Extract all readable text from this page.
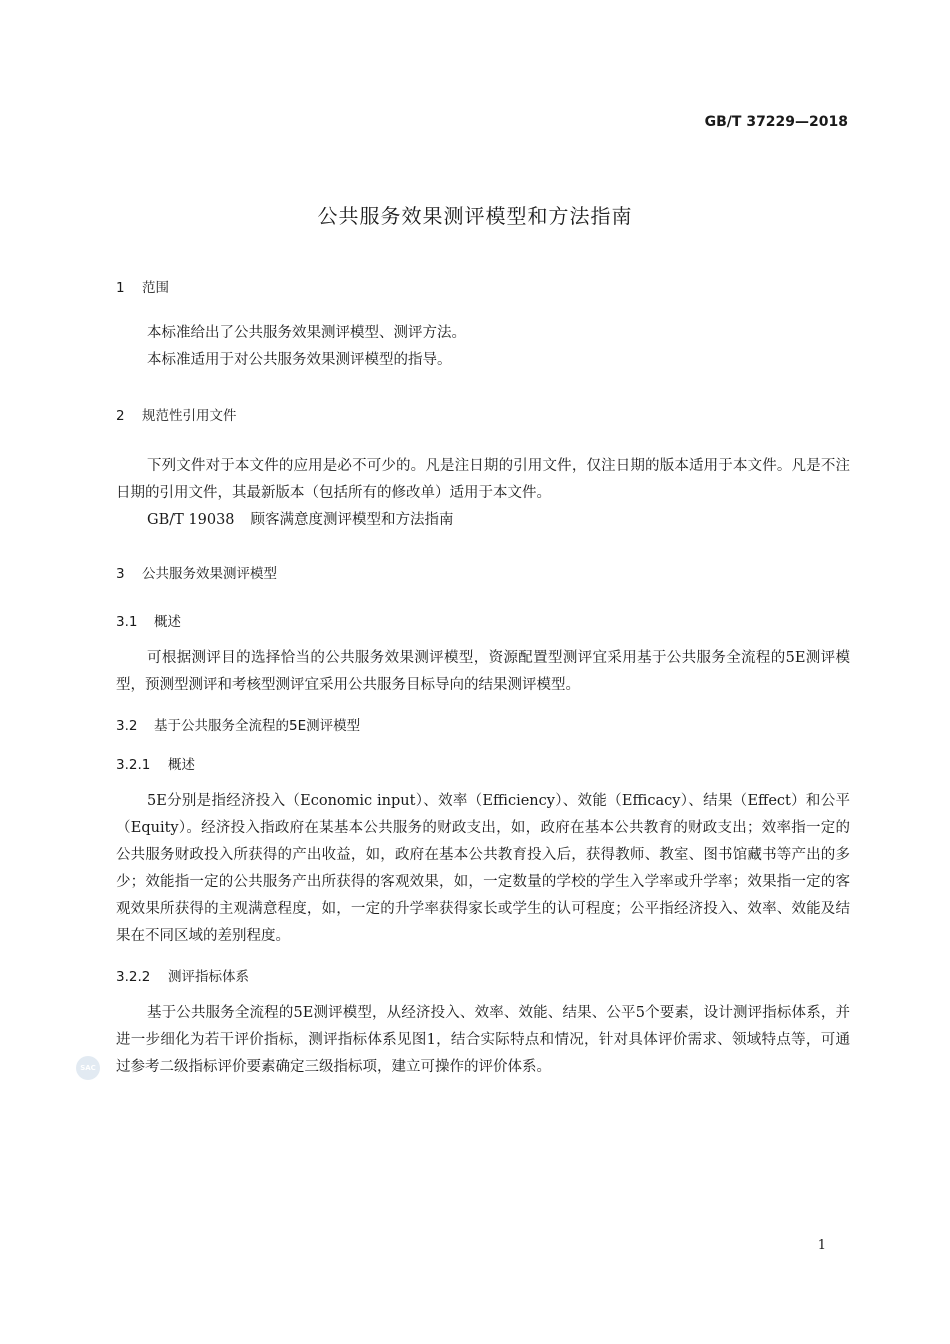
GB/T 37229—2018
公共服务效果测评模型和方法指南
1 范围

本标准给出了公共服务效果测评模型、测评方法。

本标准适用于对公共服务效果测评模型的指导。

2 规范性引用文件

下列文件对于本文件的应用是必不可少的。凡是注日期的引用文件，仅注日期的版本适用于本文件。凡是不注日期的引用文件，其最新版本（包括所有的修改单）适用于本文件。

GB/T 19038 顾客满意度测评模型和方法指南
3 公共服务效果测评模型
3.1 概述

可根据测评目的选择恰当的公共服务效果测评模型，资源配置型测评宜采用基于公共服务全流程的5E测评模型，预测型测评和考核型测评宜采用公共服务目标导向的结果测评模型。

3.2 基于公共服务全流程的5E测评模型
3.2.1 概述

5E分别是指经济投入（Economic input）、效率（Efficiency）、效能（Efficacy）、结果（Effect）和公平（Equity）。经济投入指政府在某基本公共服务的财政支出，如，政府在基本公共教育的财政支出；效率指一定的公共服务财政投入所获得的产出收益，如，政府在基本公共教育投入后，获得教师、教室、图书馆藏书等产出的多少；效能指一定的公共服务产出所获得的客观效果，如，一定数量的学校的学生入学率或升学率；效果指一定的客观效果所获得的主观满意程度，如，一定的升学率获得家长或学生的认可程度；公平指经济投入、效率、效能及结果在不同区域的差别程度。

3.2.2 测评指标体系

基于公共服务全流程的5E测评模型，从经济投入、效率、效能、结果、公平5个要素，设计测评指标体系，并进一步细化为若干评价指标，测评指标体系见图1，结合实际特点和情况，针对具体评价需求、领域特点等，可通过参考二级指标评价要素确定三级指标项，建立可操作的评价体系。

SAC
1
